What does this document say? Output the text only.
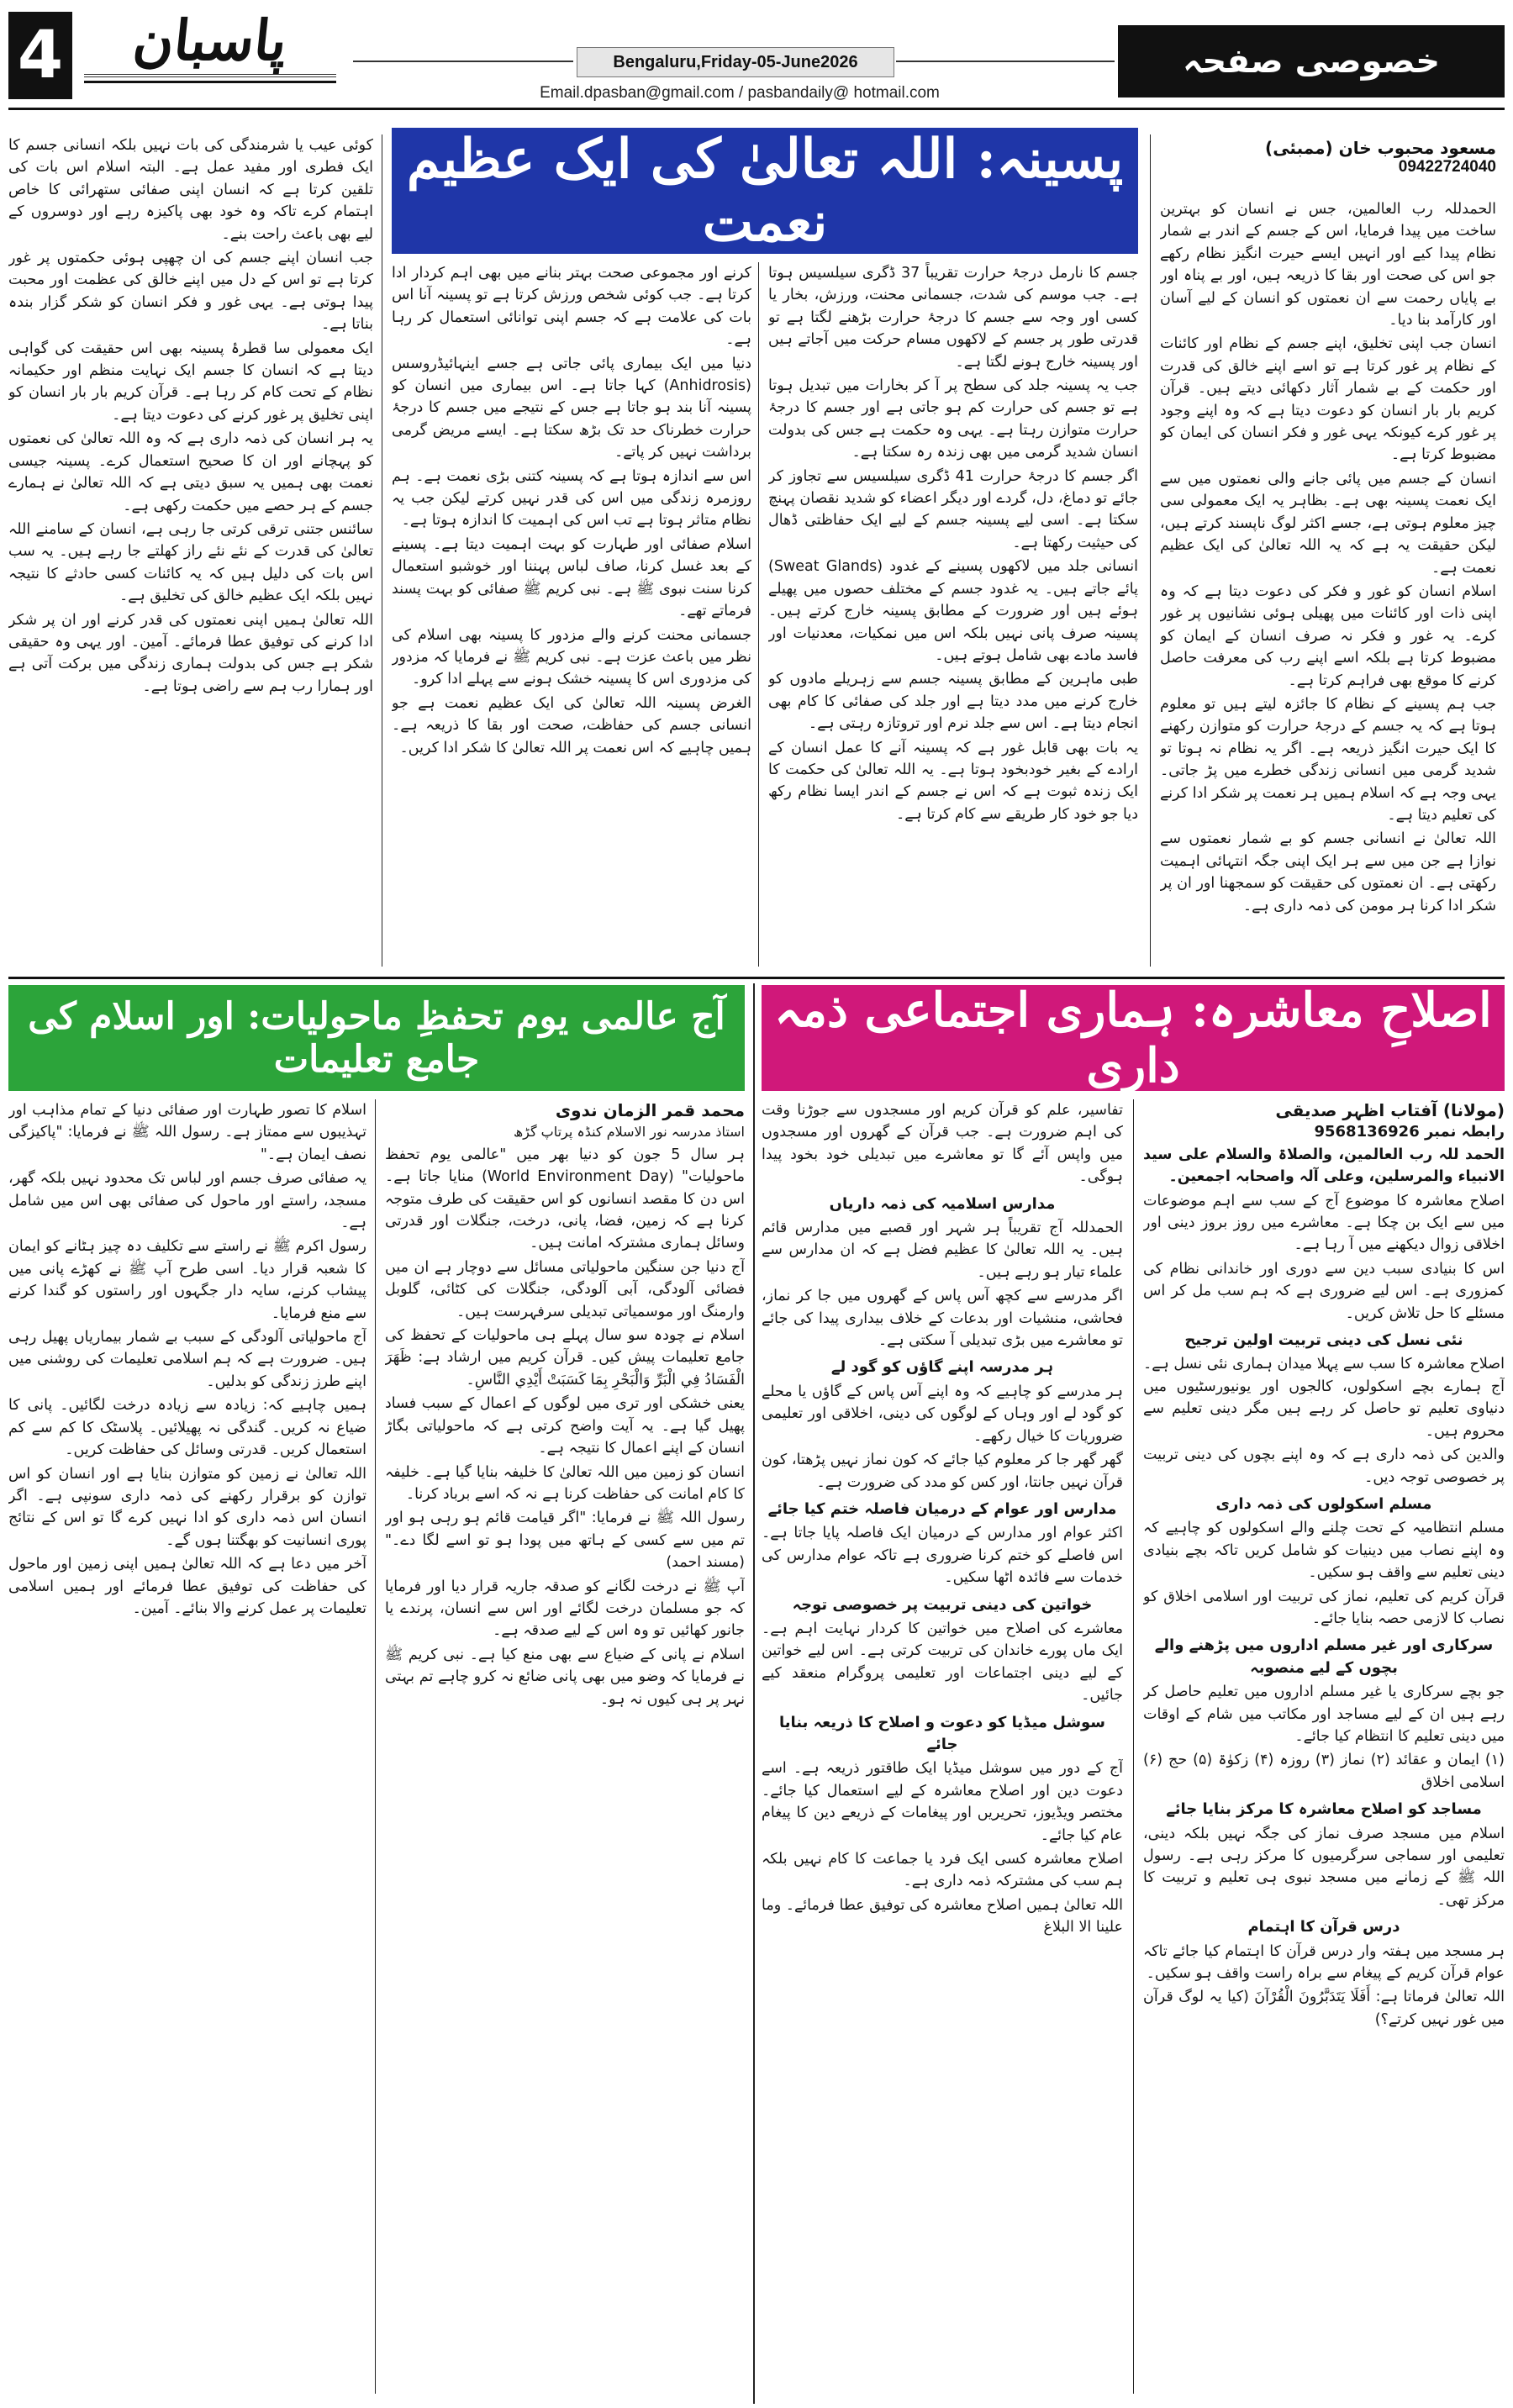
4	پاسبان	Bengaluru,Friday-05-June2026
Email.dpasban@gmail.com / pasbandaily@ hotmail.com
خصوصی صفحہ
مسعود محبوب خان (ممبئی)
09422724040
پسینہ: اللہ تعالیٰ کی ایک عظیم نعمت	الحمدللہ رب العالمین، جس نے انسان کو بہترین ساخت میں پیدا فرمایا، اس کے جسم کے اندر بے شمار نظام پیدا کیے اور انہیں ایسے حیرت انگیز نظام رکھے جو اس کی صحت اور بقا کا ذریعہ ہیں، اور بے پناہ اور بے پایاں رحمت سے ان نعمتوں کو انسان کے لیے آسان اور کارآمد بنا دیا۔

انسان جب اپنی تخلیق، اپنے جسم کے نظام اور کائنات کے نظام پر غور کرتا ہے تو اسے اپنے خالق کی قدرت اور حکمت کے بے شمار آثار دکھائی دیتے ہیں۔ قرآن کریم بار بار انسان کو دعوت دیتا ہے کہ وہ اپنے وجود پر غور کرے کیونکہ یہی غور و فکر انسان کی ایمان کو مضبوط کرتا ہے۔

انسان کے جسم میں پائی جانے والی نعمتوں میں سے ایک نعمت پسینہ بھی ہے۔ بظاہر یہ ایک معمولی سی چیز معلوم ہوتی ہے، جسے اکثر لوگ ناپسند کرتے ہیں، لیکن حقیقت یہ ہے کہ یہ اللہ تعالیٰ کی ایک عظیم نعمت ہے۔

اسلام انسان کو غور و فکر کی دعوت دیتا ہے کہ وہ اپنی ذات اور کائنات میں پھیلی ہوئی نشانیوں پر غور کرے۔ یہ غور و فکر نہ صرف انسان کے ایمان کو مضبوط کرتا ہے بلکہ اسے اپنے رب کی معرفت حاصل کرنے کا موقع بھی فراہم کرتا ہے۔

جب ہم پسینے کے نظام کا جائزہ لیتے ہیں تو معلوم ہوتا ہے کہ یہ جسم کے درجۂ حرارت کو متوازن رکھنے کا ایک حیرت انگیز ذریعہ ہے۔ اگر یہ نظام نہ ہوتا تو شدید گرمی میں انسانی زندگی خطرے میں پڑ جاتی۔ یہی وجہ ہے کہ اسلام ہمیں ہر نعمت پر شکر ادا کرنے کی تعلیم دیتا ہے۔

اللہ تعالیٰ نے انسانی جسم کو بے شمار نعمتوں سے نوازا ہے جن میں سے ہر ایک اپنی جگہ انتہائی اہمیت رکھتی ہے۔ ان نعمتوں کی حقیقت کو سمجھنا اور ان پر شکر ادا کرنا ہر مومن کی ذمہ داری ہے۔

جسم کا نارمل درجۂ حرارت تقریباً 37 ڈگری سیلسیس ہوتا ہے۔ جب موسم کی شدت، جسمانی محنت، ورزش، بخار یا کسی اور وجہ سے جسم کا درجۂ حرارت بڑھنے لگتا ہے تو قدرتی طور پر جسم کے لاکھوں مسام حرکت میں آجاتے ہیں اور پسینہ خارج ہونے لگتا ہے۔

جب یہ پسینہ جلد کی سطح پر آ کر بخارات میں تبدیل ہوتا ہے تو جسم کی حرارت کم ہو جاتی ہے اور جسم کا درجۂ حرارت متوازن رہتا ہے۔ یہی وہ حکمت ہے جس کی بدولت انسان شدید گرمی میں بھی زندہ رہ سکتا ہے۔

اگر جسم کا درجۂ حرارت 41 ڈگری سیلسیس سے تجاوز کر جائے تو دماغ، دل، گردے اور دیگر اعضاء کو شدید نقصان پہنچ سکتا ہے۔ اسی لیے پسینہ جسم کے لیے ایک حفاظتی ڈھال کی حیثیت رکھتا ہے۔

انسانی جلد میں لاکھوں پسینے کے غدود (Sweat Glands) پائے جاتے ہیں۔ یہ غدود جسم کے مختلف حصوں میں پھیلے ہوئے ہیں اور ضرورت کے مطابق پسینہ خارج کرتے ہیں۔ پسینہ صرف پانی نہیں بلکہ اس میں نمکیات، معدنیات اور فاسد مادے بھی شامل ہوتے ہیں۔

طبی ماہرین کے مطابق پسینہ جسم سے زہریلے مادوں کو خارج کرنے میں مدد دیتا ہے اور جلد کی صفائی کا کام بھی انجام دیتا ہے۔ اس سے جلد نرم اور تروتازہ رہتی ہے۔

یہ بات بھی قابل غور ہے کہ پسینہ آنے کا عمل انسان کے ارادے کے بغیر خودبخود ہوتا ہے۔ یہ اللہ تعالیٰ کی حکمت کا ایک زندہ ثبوت ہے کہ اس نے جسم کے اندر ایسا نظام رکھ دیا جو خود کار طریقے سے کام کرتا ہے۔

کرنے اور مجموعی صحت بہتر بنانے میں بھی اہم کردار ادا کرتا ہے۔ جب کوئی شخص ورزش کرتا ہے تو پسینہ آنا اس بات کی علامت ہے کہ جسم اپنی توانائی استعمال کر رہا ہے۔

دنیا میں ایک بیماری پائی جاتی ہے جسے اینہائیڈروسس (Anhidrosis) کہا جاتا ہے۔ اس بیماری میں انسان کو پسینہ آنا بند ہو جاتا ہے جس کے نتیجے میں جسم کا درجۂ حرارت خطرناک حد تک بڑھ سکتا ہے۔ ایسے مریض گرمی برداشت نہیں کر پاتے۔

اس سے اندازہ ہوتا ہے کہ پسینہ کتنی بڑی نعمت ہے۔ ہم روزمرہ زندگی میں اس کی قدر نہیں کرتے لیکن جب یہ نظام متاثر ہوتا ہے تب اس کی اہمیت کا اندازہ ہوتا ہے۔

اسلام صفائی اور طہارت کو بہت اہمیت دیتا ہے۔ پسینے کے بعد غسل کرنا، صاف لباس پہننا اور خوشبو استعمال کرنا سنت نبوی ﷺ ہے۔ نبی کریم ﷺ صفائی کو بہت پسند فرماتے تھے۔

جسمانی محنت کرنے والے مزدور کا پسینہ بھی اسلام کی نظر میں باعث عزت ہے۔ نبی کریم ﷺ نے فرمایا کہ مزدور کی مزدوری اس کا پسینہ خشک ہونے سے پہلے ادا کرو۔

الغرض پسینہ اللہ تعالیٰ کی ایک عظیم نعمت ہے جو انسانی جسم کی حفاظت، صحت اور بقا کا ذریعہ ہے۔ ہمیں چاہیے کہ اس نعمت پر اللہ تعالیٰ کا شکر ادا کریں۔

کوئی عیب یا شرمندگی کی بات نہیں بلکہ انسانی جسم کا ایک فطری اور مفید عمل ہے۔ البتہ اسلام اس بات کی تلقین کرتا ہے کہ انسان اپنی صفائی ستھرائی کا خاص اہتمام کرے تاکہ وہ خود بھی پاکیزہ رہے اور دوسروں کے لیے بھی باعث راحت بنے۔

جب انسان اپنے جسم کی ان چھپی ہوئی حکمتوں پر غور کرتا ہے تو اس کے دل میں اپنے خالق کی عظمت اور محبت پیدا ہوتی ہے۔ یہی غور و فکر انسان کو شکر گزار بندہ بناتا ہے۔

ایک معمولی سا قطرۂ پسینہ بھی اس حقیقت کی گواہی دیتا ہے کہ انسان کا جسم ایک نہایت منظم اور حکیمانہ نظام کے تحت کام کر رہا ہے۔ قرآن کریم بار بار انسان کو اپنی تخلیق پر غور کرنے کی دعوت دیتا ہے۔

یہ ہر انسان کی ذمہ داری ہے کہ وہ اللہ تعالیٰ کی نعمتوں کو پہچانے اور ان کا صحیح استعمال کرے۔ پسینہ جیسی نعمت بھی ہمیں یہ سبق دیتی ہے کہ اللہ تعالیٰ نے ہمارے جسم کے ہر حصے میں حکمت رکھی ہے۔

سائنس جتنی ترقی کرتی جا رہی ہے، انسان کے سامنے اللہ تعالیٰ کی قدرت کے نئے نئے راز کھلتے جا رہے ہیں۔ یہ سب اس بات کی دلیل ہیں کہ یہ کائنات کسی حادثے کا نتیجہ نہیں بلکہ ایک عظیم خالق کی تخلیق ہے۔

اللہ تعالیٰ ہمیں اپنی نعمتوں کی قدر کرنے اور ان پر شکر ادا کرنے کی توفیق عطا فرمائے۔ آمین۔ اور یہی وہ حقیقی شکر ہے جس کی بدولت ہماری زندگی میں برکت آتی ہے اور ہمارا رب ہم سے راضی ہوتا ہے۔

اصلاحِ معاشرہ: ہماری اجتماعی ذمہ داری
(مولانا) آفتاب اظہر صدیقی
رابطہ نمبر 9568136926

الحمد للہ رب العالمین، والصلاۃ والسلام علی سید الانبیاء والمرسلین، وعلی آلہ واصحابہ اجمعین۔

اصلاح معاشرہ کا موضوع آج کے سب سے اہم موضوعات میں سے ایک بن چکا ہے۔ معاشرے میں روز بروز دینی اور اخلاقی زوال دیکھنے میں آ رہا ہے۔

اس کا بنیادی سبب دین سے دوری اور خاندانی نظام کی کمزوری ہے۔ اس لیے ضروری ہے کہ ہم سب مل کر اس مسئلے کا حل تلاش کریں۔

نئی نسل کی دینی تربیت اولین ترجیح

اصلاح معاشرہ کا سب سے پہلا میدان ہماری نئی نسل ہے۔ آج ہمارے بچے اسکولوں، کالجوں اور یونیورسٹیوں میں دنیاوی تعلیم تو حاصل کر رہے ہیں مگر دینی تعلیم سے محروم ہیں۔

والدین کی ذمہ داری ہے کہ وہ اپنے بچوں کی دینی تربیت پر خصوصی توجہ دیں۔

مسلم اسکولوں کی ذمہ داری

مسلم انتظامیہ کے تحت چلنے والے اسکولوں کو چاہیے کہ وہ اپنے نصاب میں دینیات کو شامل کریں تاکہ بچے بنیادی دینی تعلیم سے واقف ہو سکیں۔

قرآن کریم کی تعلیم، نماز کی تربیت اور اسلامی اخلاق کو نصاب کا لازمی حصہ بنایا جائے۔

سرکاری اور غیر مسلم اداروں میں پڑھنے والے بچوں کے لیے منصوبہ

جو بچے سرکاری یا غیر مسلم اداروں میں تعلیم حاصل کر رہے ہیں ان کے لیے مساجد اور مکاتب میں شام کے اوقات میں دینی تعلیم کا انتظام کیا جائے۔

(۱) ایمان و عقائد (۲) نماز (۳) روزہ (۴) زکوٰۃ (۵) حج (۶) اسلامی اخلاق

مساجد کو اصلاح معاشرہ کا مرکز بنایا جائے

اسلام میں مسجد صرف نماز کی جگہ نہیں بلکہ دینی، تعلیمی اور سماجی سرگرمیوں کا مرکز رہی ہے۔ رسول اللہ ﷺ کے زمانے میں مسجد نبوی ہی تعلیم و تربیت کا مرکز تھی۔

درس قرآن کا اہتمام

ہر مسجد میں ہفتہ وار درس قرآن کا اہتمام کیا جائے تاکہ عوام قرآن کریم کے پیغام سے براہ راست واقف ہو سکیں۔

اللہ تعالیٰ فرماتا ہے: أَفَلَا يَتَدَبَّرُونَ الْقُرْآنَ (کیا یہ لوگ قرآن میں غور نہیں کرتے؟)

تفاسیر، علم کو قرآن کریم اور مسجدوں سے جوڑنا وقت کی اہم ضرورت ہے۔ جب قرآن کے گھروں اور مسجدوں میں واپس آئے گا تو معاشرے میں تبدیلی خود بخود پیدا ہوگی۔

مدارس اسلامیہ کی ذمہ داریاں

الحمدللہ آج تقریباً ہر شہر اور قصبے میں مدارس قائم ہیں۔ یہ اللہ تعالیٰ کا عظیم فضل ہے کہ ان مدارس سے علماء تیار ہو رہے ہیں۔

اگر مدرسے سے کچھ آس پاس کے گھروں میں جا کر نماز، فحاشی، منشیات اور بدعات کے خلاف بیداری پیدا کی جائے تو معاشرے میں بڑی تبدیلی آ سکتی ہے۔

ہر مدرسہ اپنے گاؤں کو گود لے

ہر مدرسے کو چاہیے کہ وہ اپنے آس پاس کے گاؤں یا محلے کو گود لے اور وہاں کے لوگوں کی دینی، اخلاقی اور تعلیمی ضروریات کا خیال رکھے۔

گھر گھر جا کر معلوم کیا جائے کہ کون نماز نہیں پڑھتا، کون قرآن نہیں جانتا، اور کس کو مدد کی ضرورت ہے۔

مدارس اور عوام کے درمیان فاصلہ ختم کیا جائے

اکثر عوام اور مدارس کے درمیان ایک فاصلہ پایا جاتا ہے۔ اس فاصلے کو ختم کرنا ضروری ہے تاکہ عوام مدارس کی خدمات سے فائدہ اٹھا سکیں۔

خواتین کی دینی تربیت پر خصوصی توجہ

معاشرے کی اصلاح میں خواتین کا کردار نہایت اہم ہے۔ ایک ماں پورے خاندان کی تربیت کرتی ہے۔ اس لیے خواتین کے لیے دینی اجتماعات اور تعلیمی پروگرام منعقد کیے جائیں۔

سوشل میڈیا کو دعوت و اصلاح کا ذریعہ بنایا جائے

آج کے دور میں سوشل میڈیا ایک طاقتور ذریعہ ہے۔ اسے دعوت دین اور اصلاح معاشرہ کے لیے استعمال کیا جائے۔ مختصر ویڈیوز، تحریریں اور پیغامات کے ذریعے دین کا پیغام عام کیا جائے۔

اصلاح معاشرہ کسی ایک فرد یا جماعت کا کام نہیں بلکہ ہم سب کی مشترکہ ذمہ داری ہے۔

اللہ تعالیٰ ہمیں اصلاح معاشرہ کی توفیق عطا فرمائے۔ وما علینا الا البلاغ

آج عالمی یوم تحفظِ ماحولیات: اور اسلام کی جامع تعلیمات
محمد قمر الزمان ندوی
استاذ مدرسہ نور الاسلام کنڈہ پرتاپ گڑھ

ہر سال 5 جون کو دنیا بھر میں "عالمی یوم تحفظ ماحولیات" (World Environment Day) منایا جاتا ہے۔ اس دن کا مقصد انسانوں کو اس حقیقت کی طرف متوجہ کرنا ہے کہ زمین، فضا، پانی، درخت، جنگلات اور قدرتی وسائل ہماری مشترکہ امانت ہیں۔

آج دنیا جن سنگین ماحولیاتی مسائل سے دوچار ہے ان میں فضائی آلودگی، آبی آلودگی، جنگلات کی کٹائی، گلوبل وارمنگ اور موسمیاتی تبدیلی سرفہرست ہیں۔

اسلام نے چودہ سو سال پہلے ہی ماحولیات کے تحفظ کی جامع تعلیمات پیش کیں۔ قرآن کریم میں ارشاد ہے: ظَهَرَ الْفَسَادُ فِي الْبَرِّ وَالْبَحْرِ بِمَا كَسَبَتْ أَيْدِي النَّاسِ۔

یعنی خشکی اور تری میں لوگوں کے اعمال کے سبب فساد پھیل گیا ہے۔ یہ آیت واضح کرتی ہے کہ ماحولیاتی بگاڑ انسان کے اپنے اعمال کا نتیجہ ہے۔

انسان کو زمین میں اللہ تعالیٰ کا خلیفہ بنایا گیا ہے۔ خلیفہ کا کام امانت کی حفاظت کرنا ہے نہ کہ اسے برباد کرنا۔

رسول اللہ ﷺ نے فرمایا: "اگر قیامت قائم ہو رہی ہو اور تم میں سے کسی کے ہاتھ میں پودا ہو تو اسے لگا دے۔" (مسند احمد)

آپ ﷺ نے درخت لگانے کو صدقہ جاریہ قرار دیا اور فرمایا کہ جو مسلمان درخت لگائے اور اس سے انسان، پرندے یا جانور کھائیں تو وہ اس کے لیے صدقہ ہے۔

اسلام نے پانی کے ضیاع سے بھی منع کیا ہے۔ نبی کریم ﷺ نے فرمایا کہ وضو میں بھی پانی ضائع نہ کرو چاہے تم بہتی نہر پر ہی کیوں نہ ہو۔

اسلام کا تصور طہارت اور صفائی دنیا کے تمام مذاہب اور تہذیبوں سے ممتاز ہے۔ رسول اللہ ﷺ نے فرمایا: "پاکیزگی نصف ایمان ہے۔"

یہ صفائی صرف جسم اور لباس تک محدود نہیں بلکہ گھر، مسجد، راستے اور ماحول کی صفائی بھی اس میں شامل ہے۔

رسول اکرم ﷺ نے راستے سے تکلیف دہ چیز ہٹانے کو ایمان کا شعبہ قرار دیا۔ اسی طرح آپ ﷺ نے کھڑے پانی میں پیشاب کرنے، سایہ دار جگہوں اور راستوں کو گندا کرنے سے منع فرمایا۔

آج ماحولیاتی آلودگی کے سبب بے شمار بیماریاں پھیل رہی ہیں۔ ضرورت ہے کہ ہم اسلامی تعلیمات کی روشنی میں اپنے طرز زندگی کو بدلیں۔

ہمیں چاہیے کہ: زیادہ سے زیادہ درخت لگائیں۔ پانی کا ضیاع نہ کریں۔ گندگی نہ پھیلائیں۔ پلاسٹک کا کم سے کم استعمال کریں۔ قدرتی وسائل کی حفاظت کریں۔

اللہ تعالیٰ نے زمین کو متوازن بنایا ہے اور انسان کو اس توازن کو برقرار رکھنے کی ذمہ داری سونپی ہے۔ اگر انسان اس ذمہ داری کو ادا نہیں کرے گا تو اس کے نتائج پوری انسانیت کو بھگتنا ہوں گے۔

آخر میں دعا ہے کہ اللہ تعالیٰ ہمیں اپنی زمین اور ماحول کی حفاظت کی توفیق عطا فرمائے اور ہمیں اسلامی تعلیمات پر عمل کرنے والا بنائے۔ آمین۔
